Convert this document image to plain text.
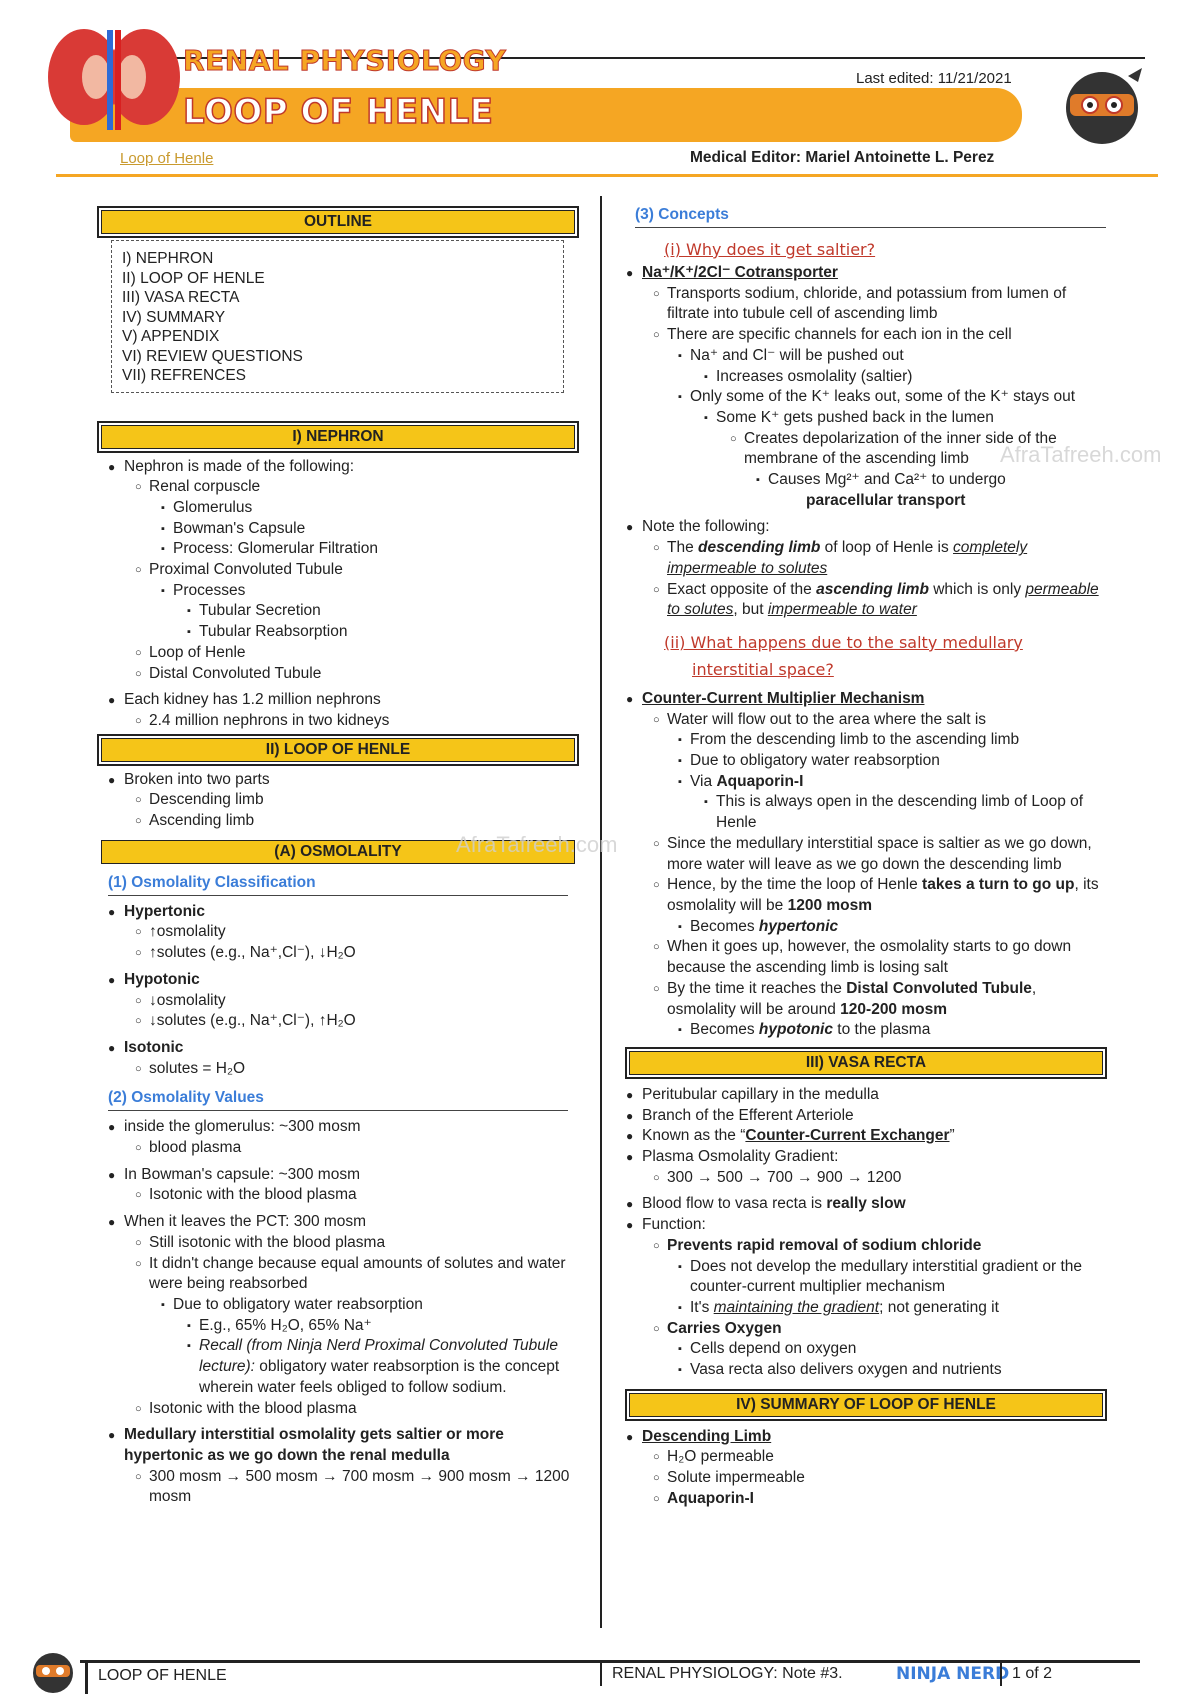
RENAL PHYSIOLOGY
LOOP OF HENLE
Last edited: 11/21/2021
Loop of Henle	Medical Editor: Mariel Antoinette L. Perez
OUTLINE
I) NEPHRON
II) LOOP OF HENLE
III) VASA RECTA
IV) SUMMARY
V) APPENDIX
VI) REVIEW QUESTIONS
VII) REFRENCES
I) NEPHRON
● Nephron is made of the following:
○ Renal corpuscle
▪ Glomerulus
▪ Bowman's Capsule
▪ Process: Glomerular Filtration
○ Proximal Convoluted Tubule
▪ Processes
▪ Tubular Secretion
▪ Tubular Reabsorption
○ Loop of Henle
○ Distal Convoluted Tubule
● Each kidney has 1.2 million nephrons
○ 2.4 million nephrons in two kidneys
II) LOOP OF HENLE
● Broken into two parts
○ Descending limb
○ Ascending limb
(A) OSMOLALITY
(1) Osmolality Classification
● Hypertonic
○ ↑osmolality
○ ↑solutes (e.g., Na⁺,Cl⁻), ↓H₂O
● Hypotonic
○ ↓osmolality
○ ↓solutes (e.g., Na⁺,Cl⁻), ↑H₂O
● Isotonic
○ solutes = H₂O
(2) Osmolality Values
● inside the glomerulus: ~300 mosm
○ blood plasma
● In Bowman's capsule: ~300 mosm
○ Isotonic with the blood plasma
● When it leaves the PCT: 300 mosm
○ Still isotonic with the blood plasma
○ It didn't change because equal amounts of solutes and water were being reabsorbed
▪ Due to obligatory water reabsorption
▪ E.g., 65% H₂O, 65% Na⁺
▪ Recall (from Ninja Nerd Proximal Convoluted Tubule lecture): obligatory water reabsorption is the concept wherein water feels obliged to follow sodium.
○ Isotonic with the blood plasma
● Medullary interstitial osmolality gets saltier or more hypertonic as we go down the renal medulla
○ 300 mosm → 500 mosm → 700 mosm → 900 mosm → 1200 mosm
(3) Concepts
(i) Why does it get saltier?
● Na⁺/K⁺/2Cl⁻ Cotransporter
○ Transports sodium, chloride, and potassium from lumen of filtrate into tubule cell of ascending limb
○ There are specific channels for each ion in the cell
▪ Na⁺ and Cl⁻ will be pushed out
▪ Increases osmolality (saltier)
▪ Only some of the K⁺ leaks out, some of the K⁺ stays out
▪ Some K⁺ gets pushed back in the lumen
○ Creates depolarization of the inner side of the membrane of the ascending limb
▪ Causes Mg²⁺ and Ca²⁺ to undergo
paracellular transport
● Note the following:
○ The descending limb of loop of Henle is completely impermeable to solutes
○ Exact opposite of the ascending limb which is only permeable to solutes, but impermeable to water
(ii) What happens due to the salty medullary interstitial space?
● Counter-Current Multiplier Mechanism
○ Water will flow out to the area where the salt is
▪ From the descending limb to the ascending limb
▪ Due to obligatory water reabsorption
▪ Via Aquaporin-I
▪ This is always open in the descending limb of Loop of Henle
○ Since the medullary interstitial space is saltier as we go down, more water will leave as we go down the descending limb
○ Hence, by the time the loop of Henle takes a turn to go up, its osmolality will be 1200 mosm
▪ Becomes hypertonic
○ When it goes up, however, the osmolality starts to go down because the ascending limb is losing salt
○ By the time it reaches the Distal Convoluted Tubule, osmolality will be around 120-200 mosm
▪ Becomes hypotonic to the plasma
III) VASA RECTA
● Peritubular capillary in the medulla
● Branch of the Efferent Arteriole
● Known as the “Counter-Current Exchanger”
● Plasma Osmolality Gradient:
○ 300 → 500 → 700 → 900 → 1200
● Blood flow to vasa recta is really slow
● Function:
○ Prevents rapid removal of sodium chloride
▪ Does not develop the medullary interstitial gradient or the counter-current multiplier mechanism
▪ It's maintaining the gradient; not generating it
○ Carries Oxygen
▪ Cells depend on oxygen
▪ Vasa recta also delivers oxygen and nutrients
IV) SUMMARY OF LOOP OF HENLE
● Descending Limb
○ H₂O permeable
○ Solute impermeable
○ Aquaporin-I
AfraTafreeh.com
AfraTafreeh.com
LOOP OF HENLE	RENAL PHYSIOLOGY: Note #3.	NINJA NERD 1 of 2
